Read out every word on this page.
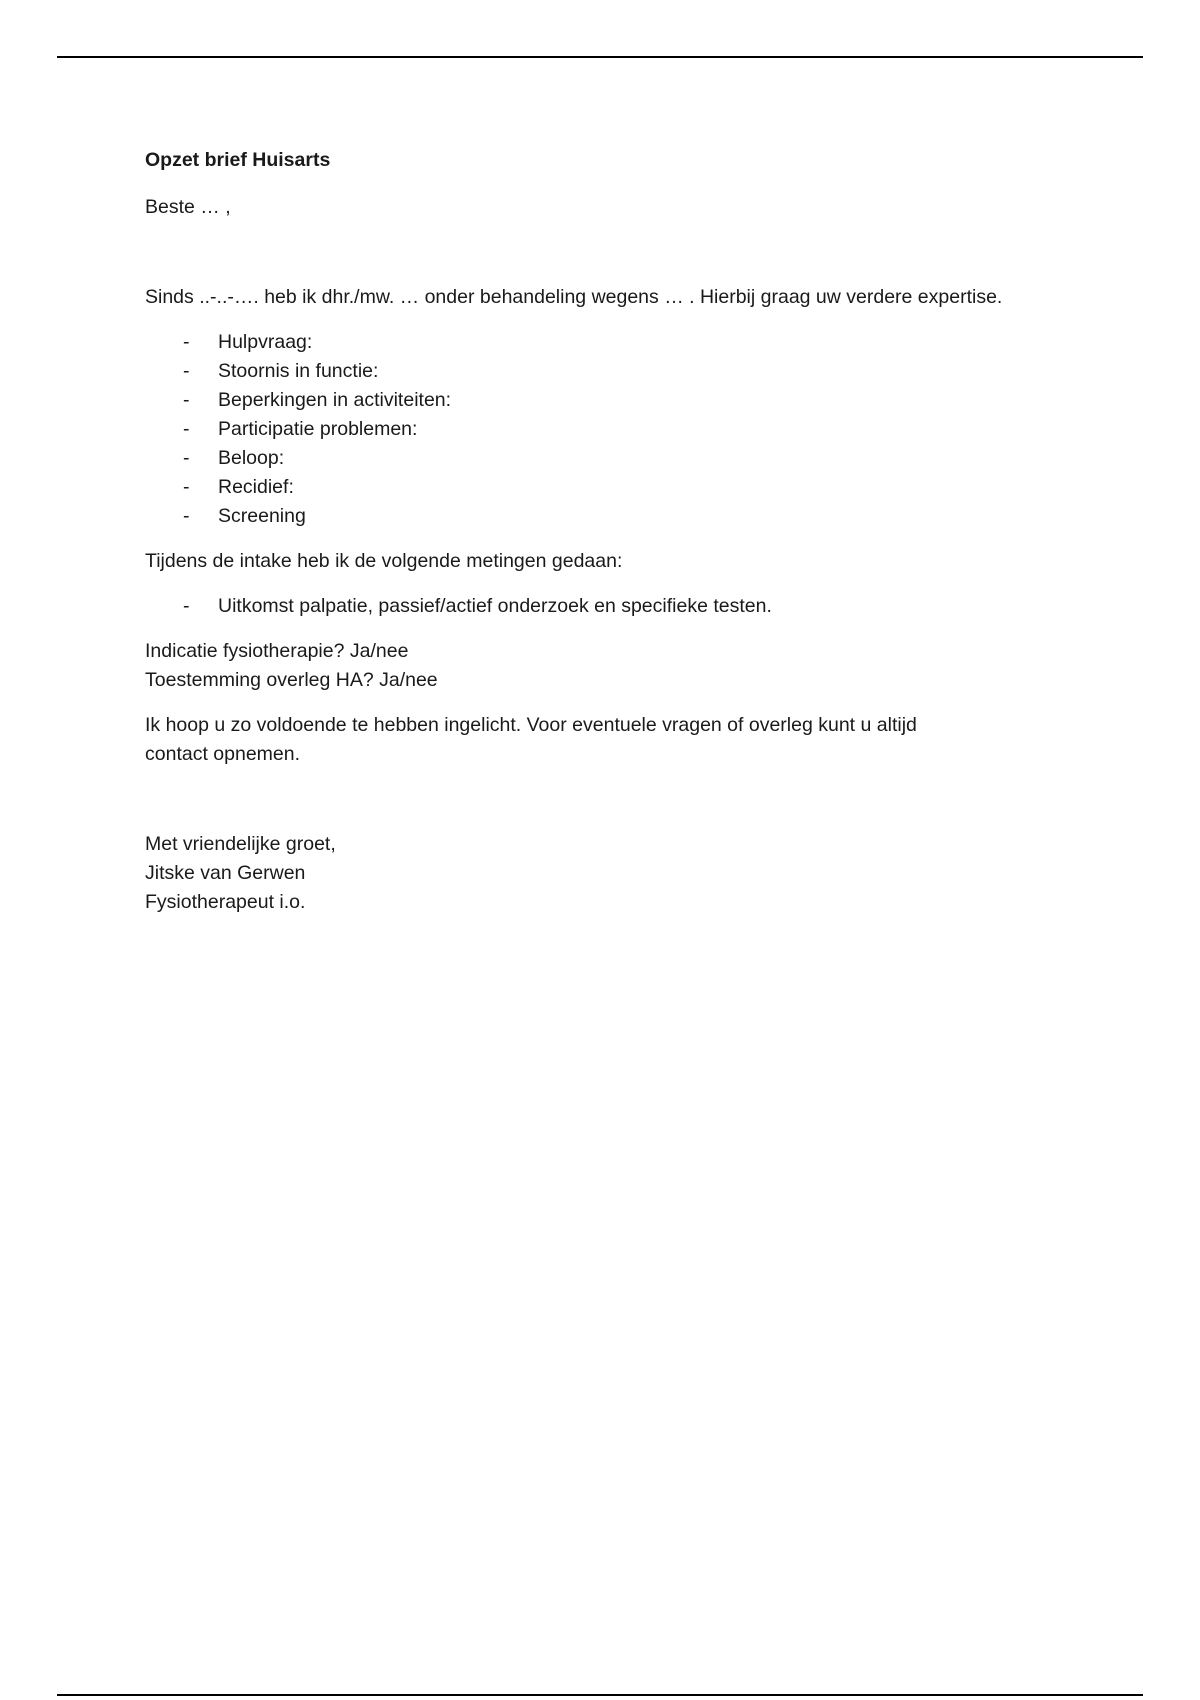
Opzet brief Huisarts
Beste … ,
Sinds ..-..-…. heb ik dhr./mw. … onder behandeling wegens … . Hierbij graag uw verdere expertise.
- Hulpvraag:
- Stoornis in functie:
- Beperkingen in activiteiten:
- Participatie problemen:
- Beloop:
- Recidief:
- Screening
Tijdens de intake heb ik de volgende metingen gedaan:
- Uitkomst palpatie, passief/actief onderzoek en specifieke testen.
Indicatie fysiotherapie? Ja/nee
Toestemming overleg HA? Ja/nee
Ik hoop u zo voldoende te hebben ingelicht. Voor eventuele vragen of overleg kunt u altijd
contact opnemen.
Met vriendelijke groet,
Jitske van Gerwen
Fysiotherapeut i.o.
